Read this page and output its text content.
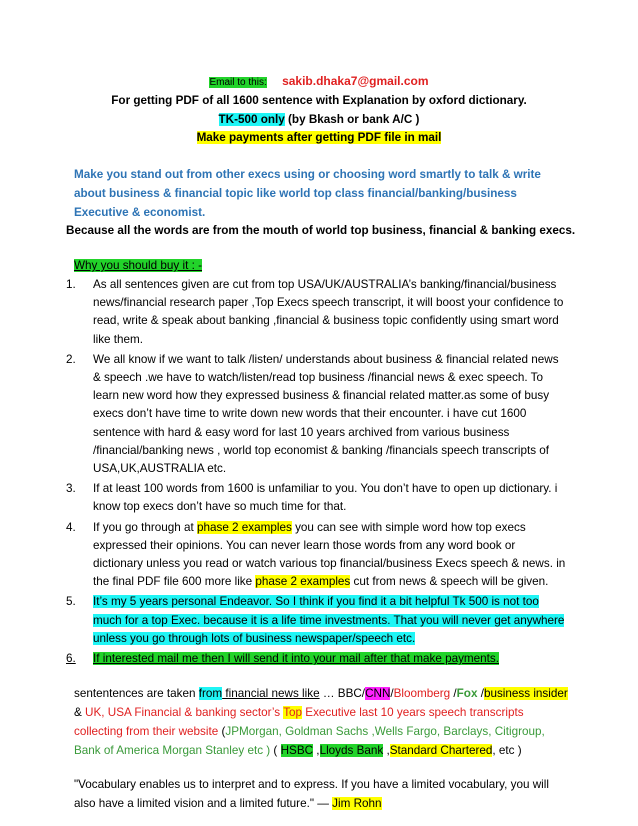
Email to this: sakib.dhaka7@gmail.com
For getting PDF of all 1600 sentence with Explanation by oxford dictionary.
TK-500 only (by Bkash or bank A/C )
Make payments after getting PDF file in mail
Make you stand out from other execs using or choosing word smartly to talk & write about business & financial topic like world top class financial/banking/business Executive & economist.
Because all the words are from the mouth of world top business, financial & banking execs.
Why you should buy it : -
1. As all sentences given are cut from top USA/UK/AUSTRALIA’s banking/financial/business news/financial research paper ,Top Execs speech transcript, it will boost your confidence to read, write & speak about banking ,financial & business topic confidently using smart word like them.
2. We all know if we want to talk /listen/ understands about business & financial related news & speech .we have to watch/listen/read top business /financial news & exec speech. To learn new word how they expressed business & financial related matter.as some of busy execs don’t have time to write down new words that their encounter. i have cut 1600 sentence with hard & easy word for last 10 years archived from various business /financial/banking news , world top economist & banking /financials speech transcripts of USA,UK,AUSTRALIA etc.
3. If at least 100 words from 1600 is unfamiliar to you. You don’t have to open up dictionary. i know top execs don’t have so much time for that.
4. If you go through at phase 2 examples you can see with simple word how top execs expressed their opinions. You can never learn those words from any word book or dictionary unless you read or watch various top financial/business Execs speech & news. in the final PDF file 600 more like phase 2 examples cut from news & speech will be given.
5. It’s my 5 years personal Endeavor. So I think if you find it a bit helpful Tk 500 is not too much for a top Exec. because it is a life time investments. That you will never get anywhere unless you go through lots of business newspaper/speech etc.
6. If interested mail me then I will send it into your mail after that make payments.
sententences are taken from financial news like … BBC/CNN/Bloomberg /Fox /business insider & UK, USA Financial & banking sector’s Top Executive last 10 years speech transcripts collecting from their website (JPMorgan, Goldman Sachs ,Wells Fargo, Barclays, Citigroup, Bank of America Morgan Stanley etc ) ( HSBC ,Lloyds Bank ,Standard Chartered, etc )
"Vocabulary enables us to interpret and to express. If you have a limited vocabulary, you will also have a limited vision and a limited future." — Jim Rohn
